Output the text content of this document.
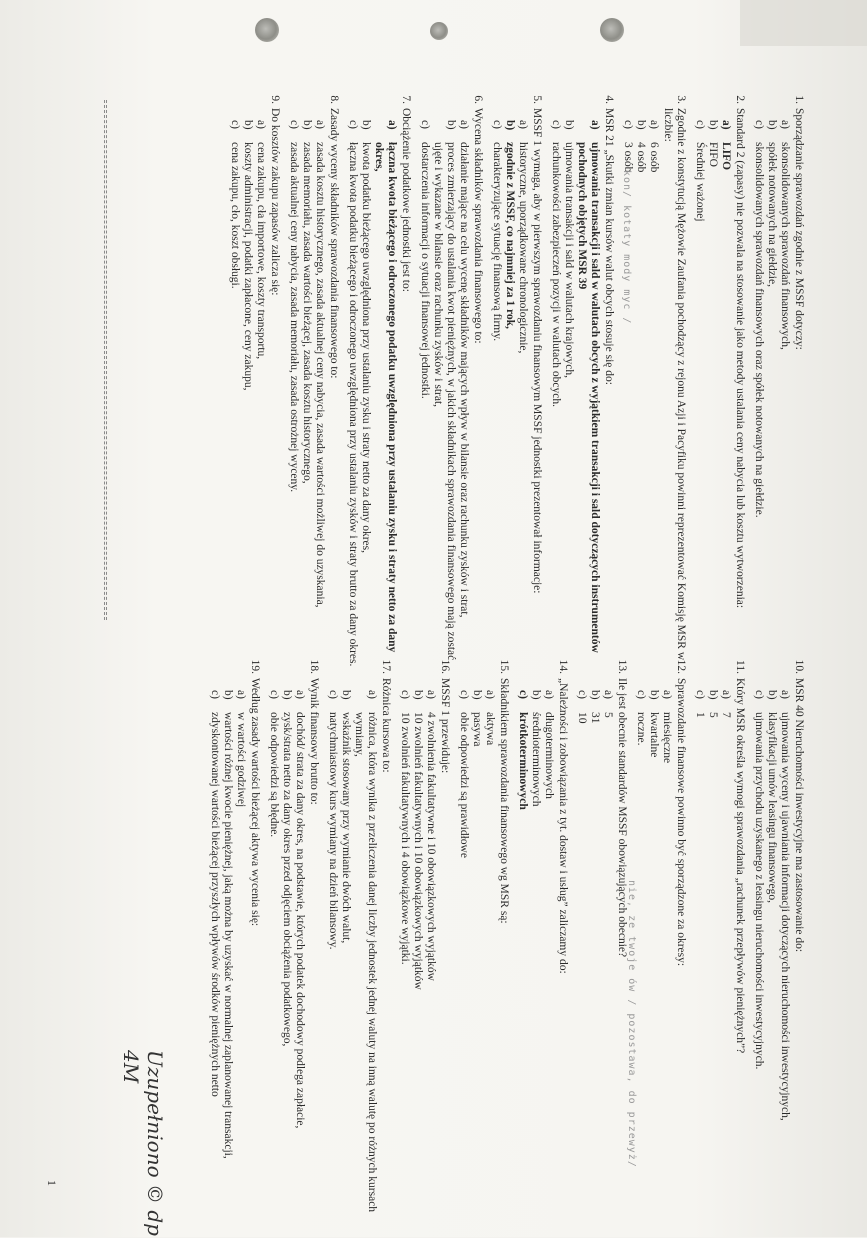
1.
Sporządzanie sprawozdań zgodnie z MSSF dotyczy:
a)
skonsolidowanych sprawozdań finansowych,
b)
spółek notowanych na giełdzie,
c)
skonsolidowanych sprawozdań finansowych oraz spółek notowanych na giełdzie.
2.
Standard 2 (zapasy) nie pozwala na stosowanie jako metody ustalania ceny nabycia lub kosztu wytworzenia:
a)
LIFO
b)
FIFO
c)
Średniej ważonej
3.
Zgodnie z konstytucją Mężowie Zaufania pochodzący z rejonu Azji i Pacyfiku powinni reprezentować Komisję MSR w liczbie:
a)
6 osób
b)
4 osób
c)
3 osób
4.
MSR 21 „Skutki zmian kursów walut obcych stosuje się do:
a)
ujmowania transakcji i sald w walutach obcych z wyjątkiem transakcji i sald dotyczących instrumentów pochodnych objętych MSR 39
b)
ujmowania transakcji i sald w walutach krajowych,
c)
rachunkowości zabezpieczeń pozycji w walutach obcych.
5.
MSSF 1 wymaga, aby w pierwszym sprawozdaniu finansowym MSSF jednostki prezentował informacje:
a)
historyczne, uporządkowane chronologicznie,
b)
zgodnie z MSSF, co najmniej za 1 rok,
c)
charakteryzujące sytuację finansową firmy.
6.
Wycena składników sprawozdania finansowego to:
a)
działanie mające na celu wycenę składników mających wpływ w bilansie oraz rachunku zysków i strat,
b)
proces zmierzający do ustalania kwot pieniężnych, w jakich składnikach sprawozdania finansowego mają zostać ujęte i wykazane w bilansie oraz rachunku zysków i strat,
c)
dostarczenia informacji o sytuacji finansowej jednostki.
7.
Obciążenie podatkowe jednostki jest to:
a)
łączna kwota bieżącego i odroczonego podatku uwzględniona przy ustalaniu zysku i straty netto za dany okres,
b)
kwota podatku bieżącego uwzględniona przy ustalaniu zysku i straty netto za dany okres,
c)
łączna kwota podatku bieżącego i odroczonego uwzględniona przy ustalaniu zysków i straty brutto za dany okres.
8.
Zasady wyceny składników sprawozdania finansowego to:
a)
zasada kosztu historycznego, zasada aktualnej ceny nabycia, zasada wartości możliwej do uzyskania,
b)
zasada memoriału, zasada wartości bieżącej, zasada kosztu historycznego,
c)
zasada aktualnej ceny nabycia, zasada memoriału, zasada ostrożnej wyceny.
9.
Do kosztów zakupu zapasów zalicza się:
a)
cena zakupu, cła importowe, koszty transportu,
b)
koszty administracji, podatki zapłacone, ceny zakupu,
c)
cena zakupu, cło, koszt obsługi.
10.
MSR 40 Nieruchomości inwestycyjne ma zastosowanie do:
a)
ujmowania wyceny i ujawniania informacji dotyczących nieruchomości inwestycyjnych,
b)
klasyfikacji umów leasingu finansowego,
c)
ujmowania przychodu uzyskanego z leasingu nieruchomości inwestycyjnych.
11.
Który MSR określa wymogi sprawozdania „rachunek przepływów pieniężnych”?
a)
7
b)
5
c)
1
12.
Sprawozdanie finansowe powinno być sporządzone za okresy:
a)
miesięczne
b)
kwartalne
c)
roczne.
13.
Ile jest obecnie standardów MSSF obowiązujących obecnie?
a)
5
b)
31
c)
10
14.
„Należności i zobowiązania z tyt. dostaw i usług” zaliczamy do:
a)
długoterminowych
b)
średnioterminowych
c)
krótkoterminowych
15.
Składnikiem sprawozdania finansowego wg MSR są:
a)
aktywa
b)
pasywa
c)
obie odpowiedzi są prawidłowe
16.
MSSF 1 przewiduje:
a)
4 zwolnienia fakultatywne i 10 obowiązkowych wyjątków
b)
10 zwolnień fakultatywnych i 10 obowiązkowych wyjątków
c)
10 zwolnień fakultatywnych i 4 obowiązkowe wyjątki.
17.
Różnica kursowa to:
a)
różnica, która wynika z przeliczenia danej liczby jednostek jednej waluty na inną walutę po różnych kursach wymiany,
b)
wskaźnik stosowany przy wymianie dwóch walut,
c)
natychmiastowy kurs wymiany na dzień bilansowy.
18.
Wynik finansowy brutto to:
a)
dochód/ strata za dany okres, na podstawie, których podatek dochodowy podlega zapłacie,
b)
zysk/strata netto za dany okres przed odjęciem obciążenia podatkowego,
c)
obie odpowiedzi są błędne.
19.
Według zasady wartości bieżącej aktywa wycenia się:
a)
w wartości godziwej
b)
wartości różnej kwocie pieniężnej, jaką można by uzyskać w normalnej zaplanowanej transakcji,
c)
zdyskontowanej wartości bieżącej przyszłych wpływów środków pieniężnych netto	nie, ze twoje ów / pozostawa, do przewyż/
kon/ kotaty mody myc /
Uzupełniono © dp 4M
1
